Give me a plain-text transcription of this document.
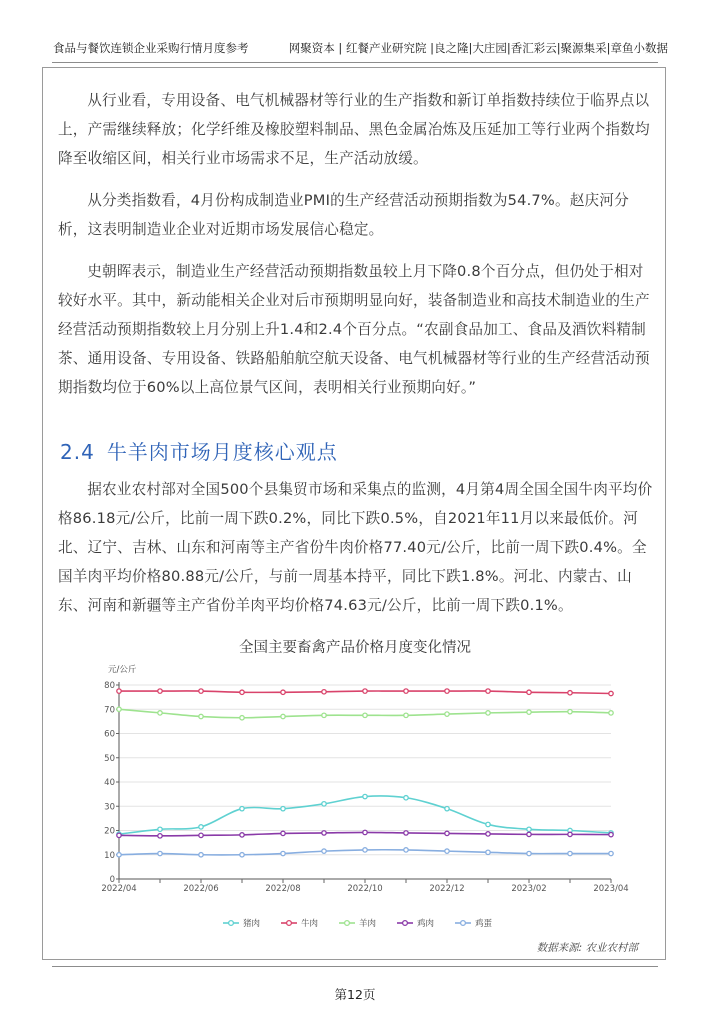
食品与餐饮连锁企业采购行情月度参考	网聚资本 | 红餐产业研究院 |良之隆|大庄园|香汇彩云|聚源集采|章鱼小数据

从行业看，专用设备、电气机械器材等行业的生产指数和新订单指数持续位于临界点以上，产需继续释放；化学纤维及橡胶塑料制品、黑色金属冶炼及压延加工等行业两个指数均降至收缩区间，相关行业市场需求不足，生产活动放缓。

从分类指数看，4月份构成制造业PMI的生产经营活动预期指数为54.7%。赵庆河分析，这表明制造业企业对近期市场发展信心稳定。

史朝晖表示，制造业生产经营活动预期指数虽较上月下降0.8个百分点，但仍处于相对较好水平。其中，新动能相关企业对后市预期明显向好，装备制造业和高技术制造业的生产经营活动预期指数较上月分别上升1.4和2.4个百分点。“农副食品加工、食品及酒饮料精制茶、通用设备、专用设备、铁路船舶航空航天设备、电气机械器材等行业的生产经营活动预期指数均位于60%以上高位景气区间，表明相关行业预期向好。”

2.4 牛羊肉市场月度核心观点

据农业农村部对全国500个县集贸市场和采集点的监测，4月第4周全国全国牛肉平均价格86.18元/公斤，比前一周下跌0.2%，同比下跌0.5%，自2021年11月以来最低价。河北、辽宁、吉林、山东和河南等主产省份牛肉价格77.40元/公斤，比前一周下跌0.4%。全国羊肉平均价格80.88元/公斤，与前一周基本持平，同比下跌1.8%。河北、内蒙古、山东、河南和新疆等主产省份羊肉平均价格74.63元/公斤，比前一周下跌0.1%。

全国主要畜禽产品价格月度变化情况
元/公斤
0
10
20
30
40
50
60
70
80
2022/04	2022/06	2022/08	2022/10	2022/12	2023/02	2023/04
猪肉	牛肉	羊肉	鸡肉	鸡蛋
数据来源: 农业农村部
第12页
